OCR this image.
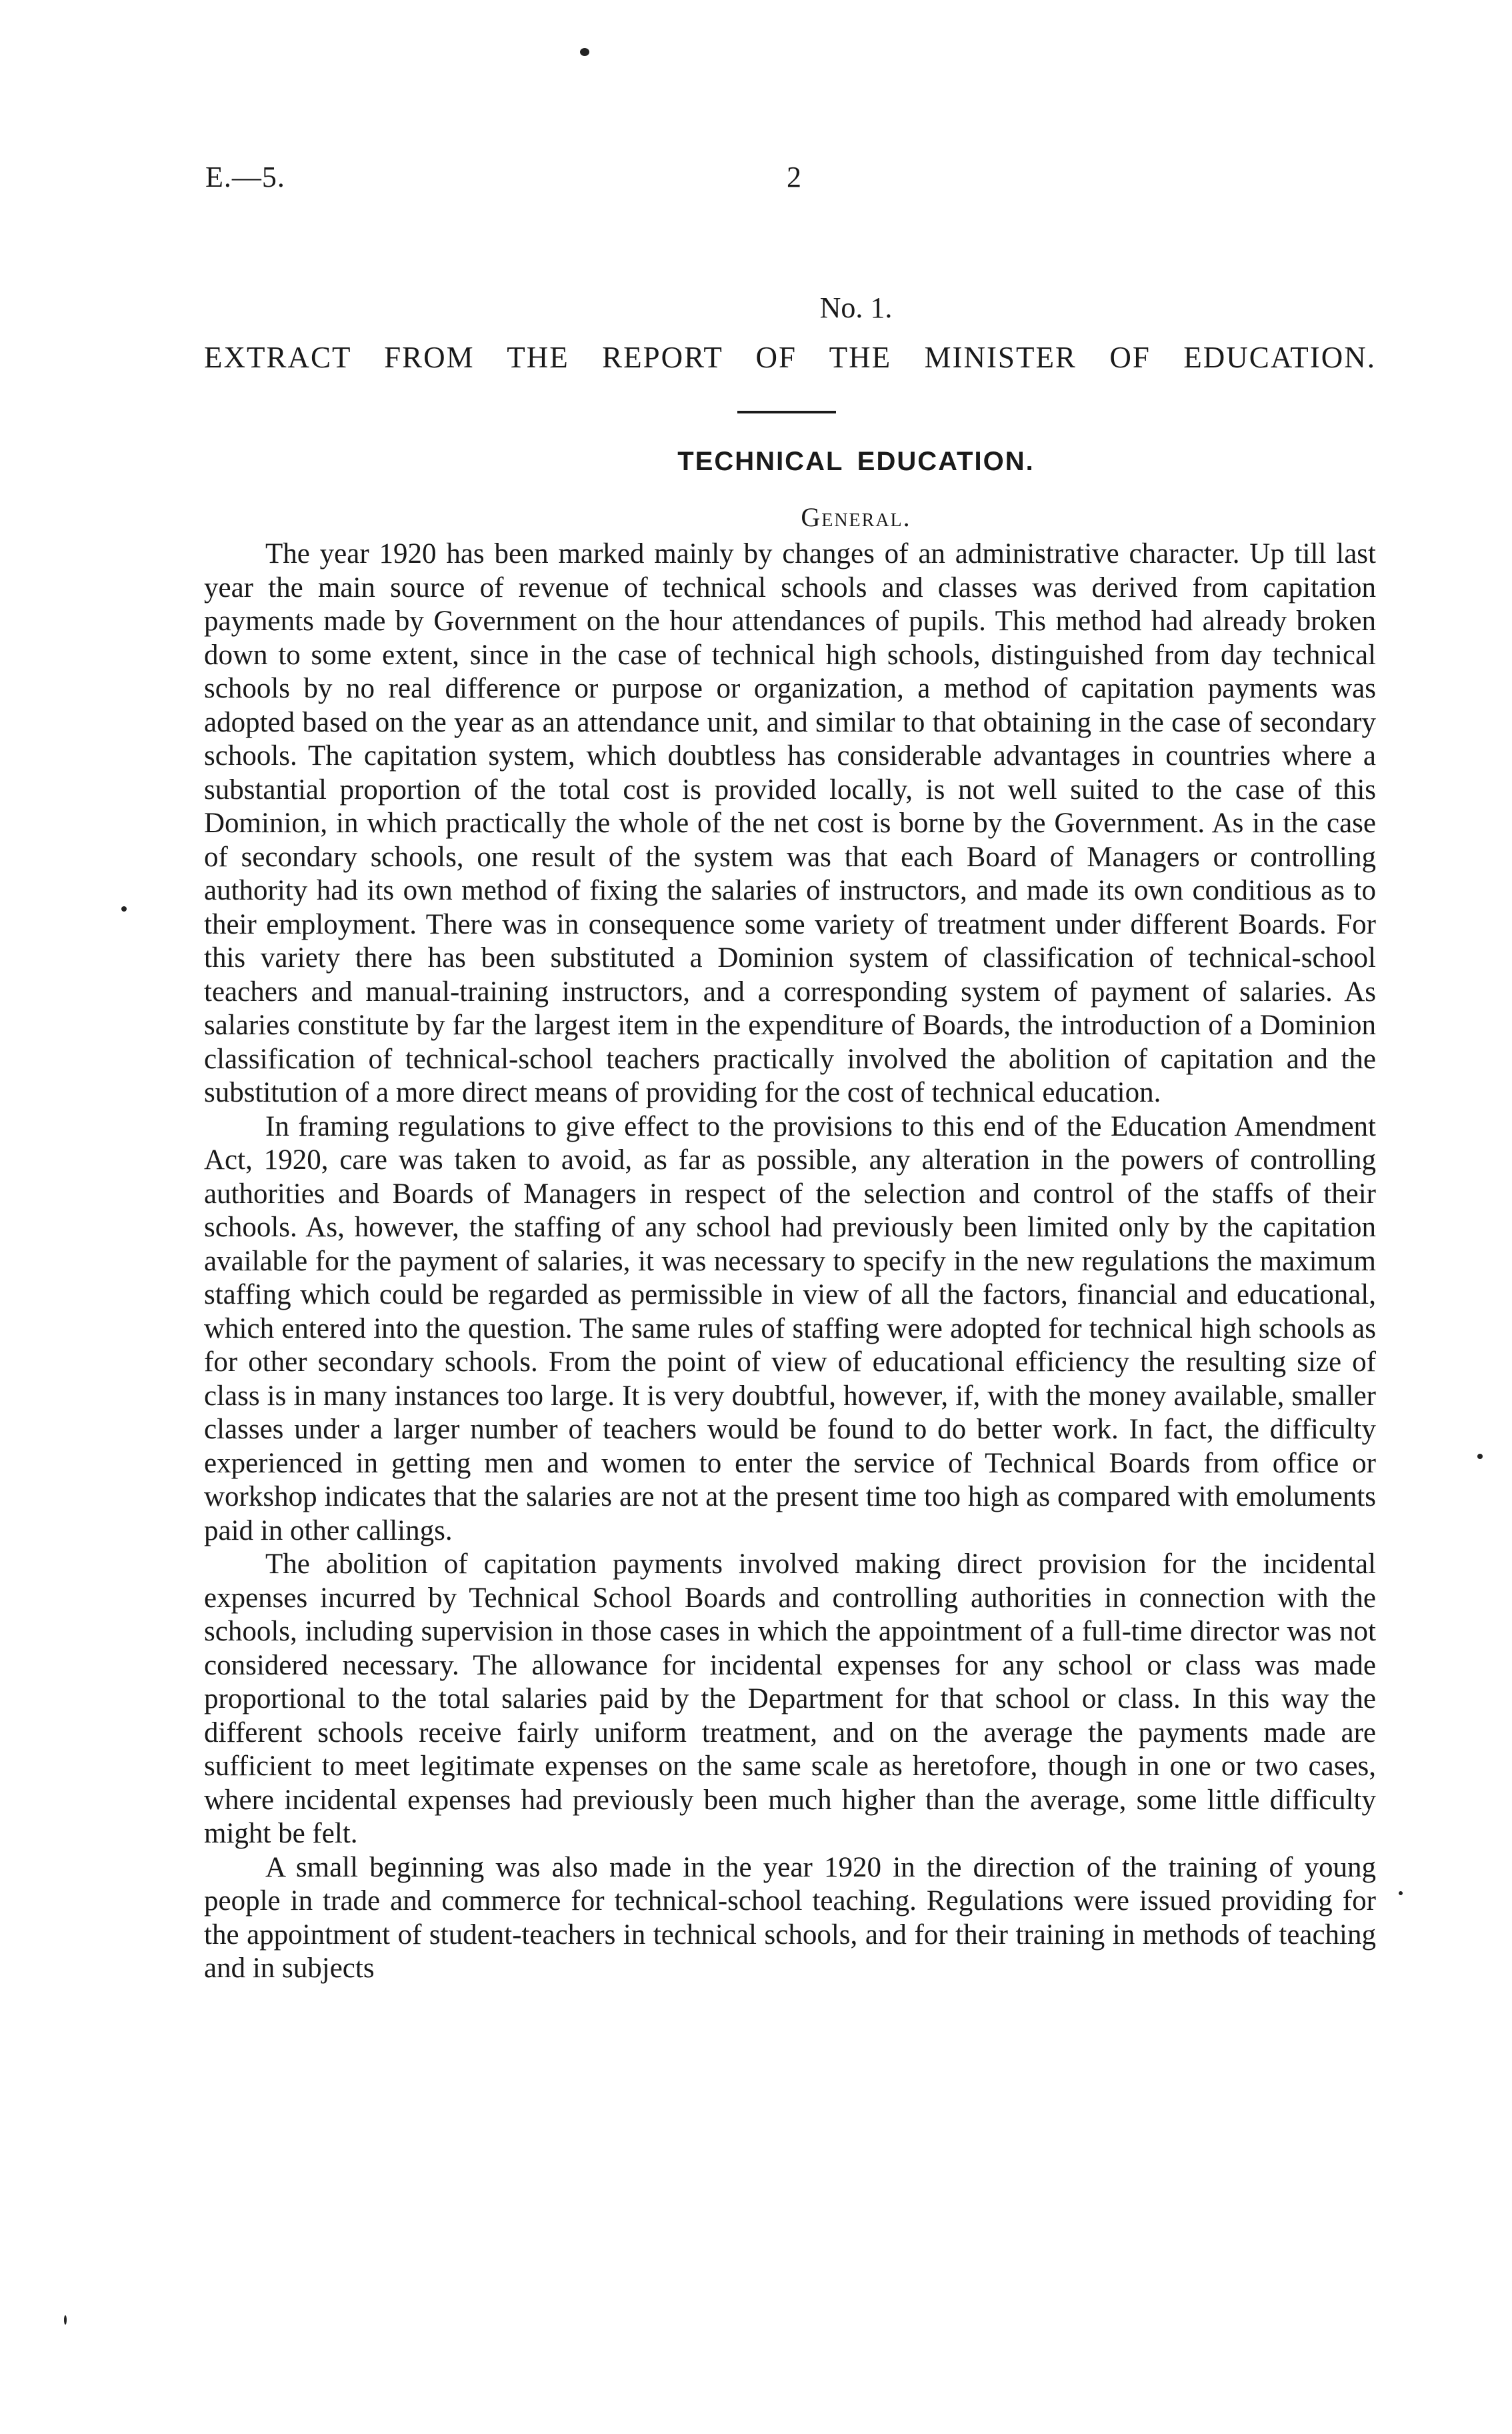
E.—5.	2
No. 1.
EXTRACT FROM THE REPORT OF THE MINISTER OF EDUCATION.
TECHNICAL EDUCATION.
General.

The year 1920 has been marked mainly by changes of an administrative character. Up till last year the main source of revenue of technical schools and classes was derived from capitation payments made by Government on the hour attendances of pupils. This method had already broken down to some extent, since in the case of technical high schools, distinguished from day technical schools by no real difference or purpose or organization, a method of capitation payments was adopted based on the year as an attendance unit, and similar to that obtaining in the case of secondary schools. The capitation system, which doubtless has considerable advantages in countries where a substantial proportion of the total cost is provided locally, is not well suited to the case of this Dominion, in which practically the whole of the net cost is borne by the Government. As in the case of secondary schools, one result of the system was that each Board of Managers or controlling authority had its own method of fixing the salaries of instructors, and made its own conditious as to their employment. There was in consequence some variety of treatment under different Boards. For this variety there has been substituted a Dominion system of classification of technical-school teachers and manual-training instructors, and a corresponding system of payment of salaries. As salaries constitute by far the largest item in the expenditure of Boards, the introduction of a Dominion classification of technical-school teachers practically involved the abolition of capitation and the substitution of a more direct means of providing for the cost of technical education.

In framing regulations to give effect to the provisions to this end of the Education Amendment Act, 1920, care was taken to avoid, as far as possible, any alteration in the powers of controlling authorities and Boards of Managers in respect of the selection and control of the staffs of their schools. As, however, the staffing of any school had previously been limited only by the capitation available for the payment of salaries, it was necessary to specify in the new regulations the maximum staffing which could be regarded as permissible in view of all the factors, financial and educational, which entered into the question. The same rules of staffing were adopted for technical high schools as for other secondary schools. From the point of view of educational efficiency the resulting size of class is in many instances too large. It is very doubtful, however, if, with the money available, smaller classes under a larger number of teachers would be found to do better work. In fact, the difficulty experienced in getting men and women to enter the service of Technical Boards from office or workshop indicates that the salaries are not at the present time too high as compared with emoluments paid in other callings.

The abolition of capitation payments involved making direct provision for the incidental expenses incurred by Technical School Boards and controlling authorities in connection with the schools, including supervision in those cases in which the appointment of a full-time director was not considered necessary. The allowance for incidental expenses for any school or class was made proportional to the total salaries paid by the Department for that school or class. In this way the different schools receive fairly uniform treatment, and on the average the payments made are sufficient to meet legitimate expenses on the same scale as heretofore, though in one or two cases, where incidental expenses had previously been much higher than the average, some little difficulty might be felt.

A small beginning was also made in the year 1920 in the direction of the training of young people in trade and commerce for technical-school teaching. Regulations were issued providing for the appointment of student-teachers in technical schools, and for their training in methods of teaching and in subjects
